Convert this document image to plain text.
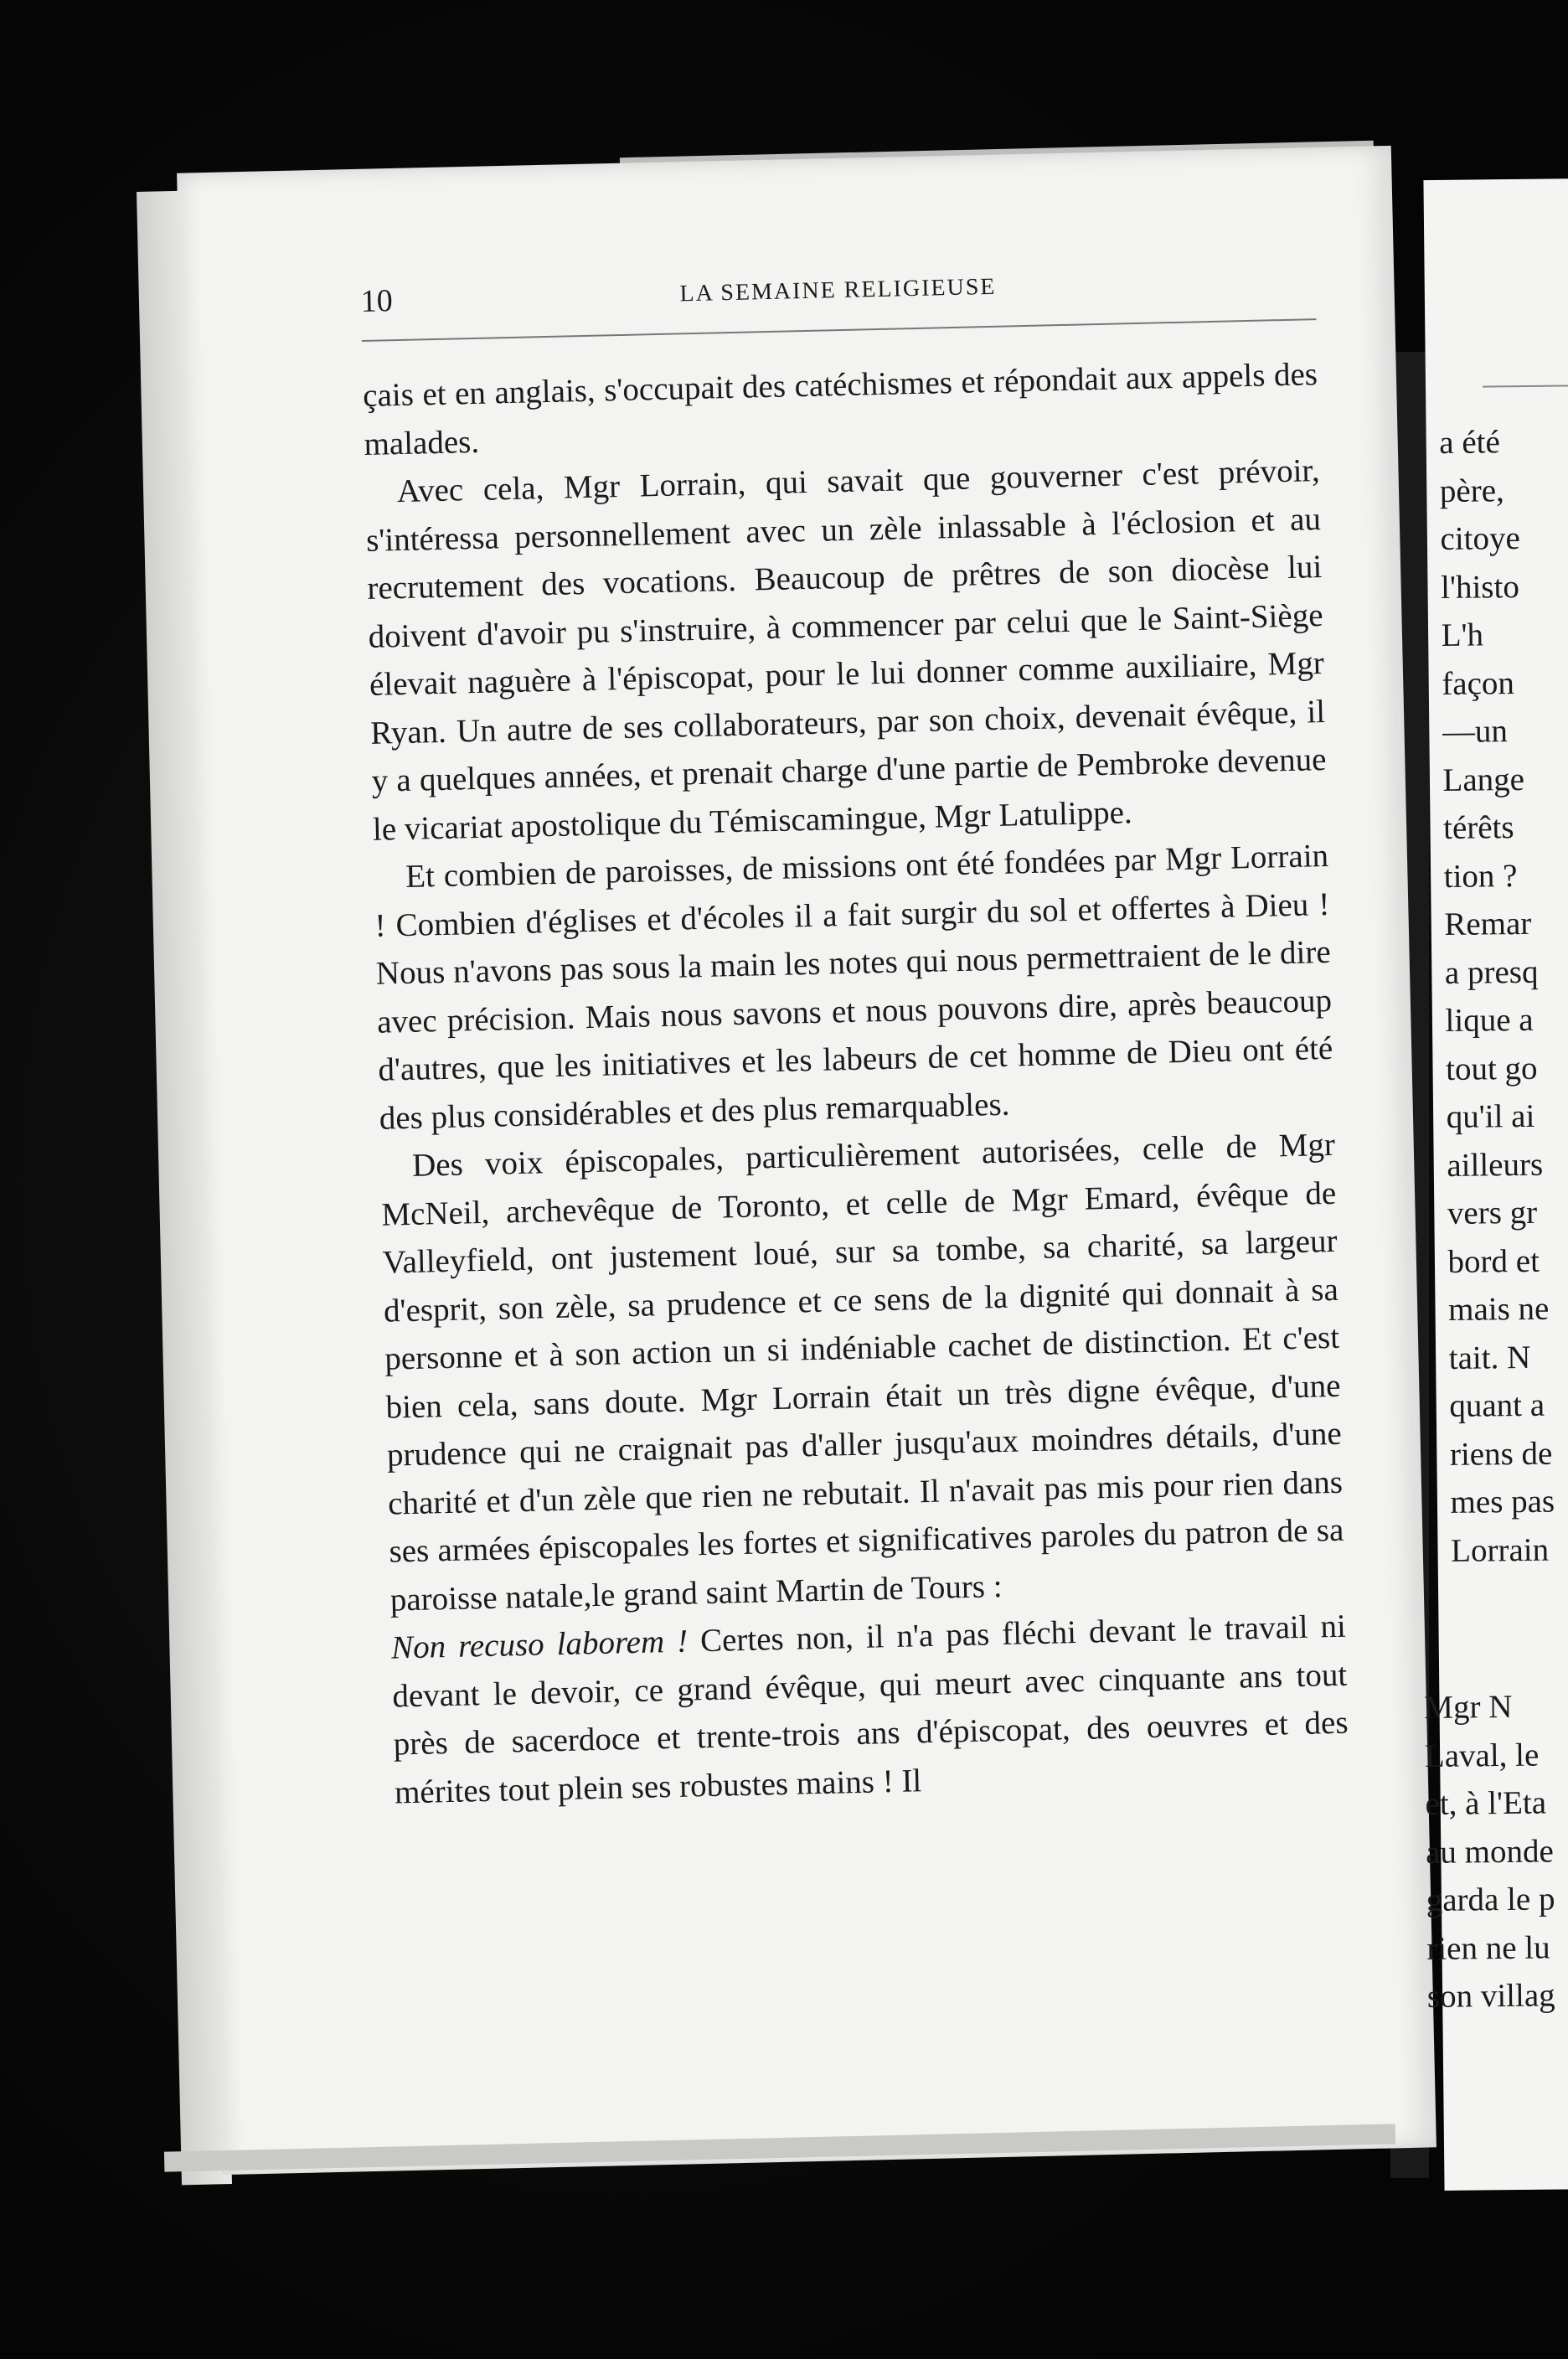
10	LA SEMAINE RELIGIEUSE

çais et en anglais, s'occupait des catéchismes et répondait aux appels des malades.

Avec cela, Mgr Lorrain, qui savait que gouverner c'est prévoir, s'intéressa personnellement avec un zèle inlassable à l'éclosion et au recrutement des vocations. Beaucoup de prêtres de son diocèse lui doivent d'avoir pu s'instruire, à commencer par celui que le Saint-Siège élevait naguère à l'épiscopat, pour le lui donner comme auxiliaire, Mgr Ryan. Un autre de ses collaborateurs, par son choix, devenait évêque, il y a quelques années, et prenait charge d'une partie de Pembroke devenue le vicariat apostolique du Témiscamingue, Mgr Latulippe.

Et combien de paroisses, de missions ont été fondées par Mgr Lorrain ! Combien d'églises et d'écoles il a fait surgir du sol et offertes à Dieu ! Nous n'avons pas sous la main les notes qui nous permettraient de le dire avec précision. Mais nous savons et nous pouvons dire, après beaucoup d'autres, que les initiatives et les labeurs de cet homme de Dieu ont été des plus considérables et des plus remarquables.

Des voix épiscopales, particulièrement autorisées, celle de Mgr McNeil, archevêque de Toronto, et celle de Mgr Emard, évêque de Valleyfield, ont justement loué, sur sa tombe, sa charité, sa largeur d'esprit, son zèle, sa prudence et ce sens de la dignité qui donnait à sa personne et à son action un si indéniable cachet de distinction. Et c'est bien cela, sans doute. Mgr Lorrain était un très digne évêque, d'une prudence qui ne craignait pas d'aller jusqu'aux moindres détails, d'une charité et d'un zèle que rien ne rebutait. Il n'avait pas mis pour rien dans ses armées épiscopales les fortes et significatives paroles du patron de sa paroisse natale,le grand saint Martin de Tours :

Non recuso laborem ! Certes non, il n'a pas fléchi devant le travail ni devant le devoir, ce grand évêque, qui meurt avec cinquante ans tout près de sacerdoce et trente-trois ans d'épiscopat, des oeuvres et des mérites tout plein ses robustes mains ! Il

a été
père,
citoye
l'histo
L'h
façon
—un
Lange
térêts
tion ?
Remar
a presq
lique a
tout go
qu'il ai
ailleurs
vers gr
bord et
mais ne
tait. N
quant a
riens de
mes pas
Lorrain
Mgr N
Laval, le
et, à l'Eta
au monde
garda le p
rien ne lu
son villag
